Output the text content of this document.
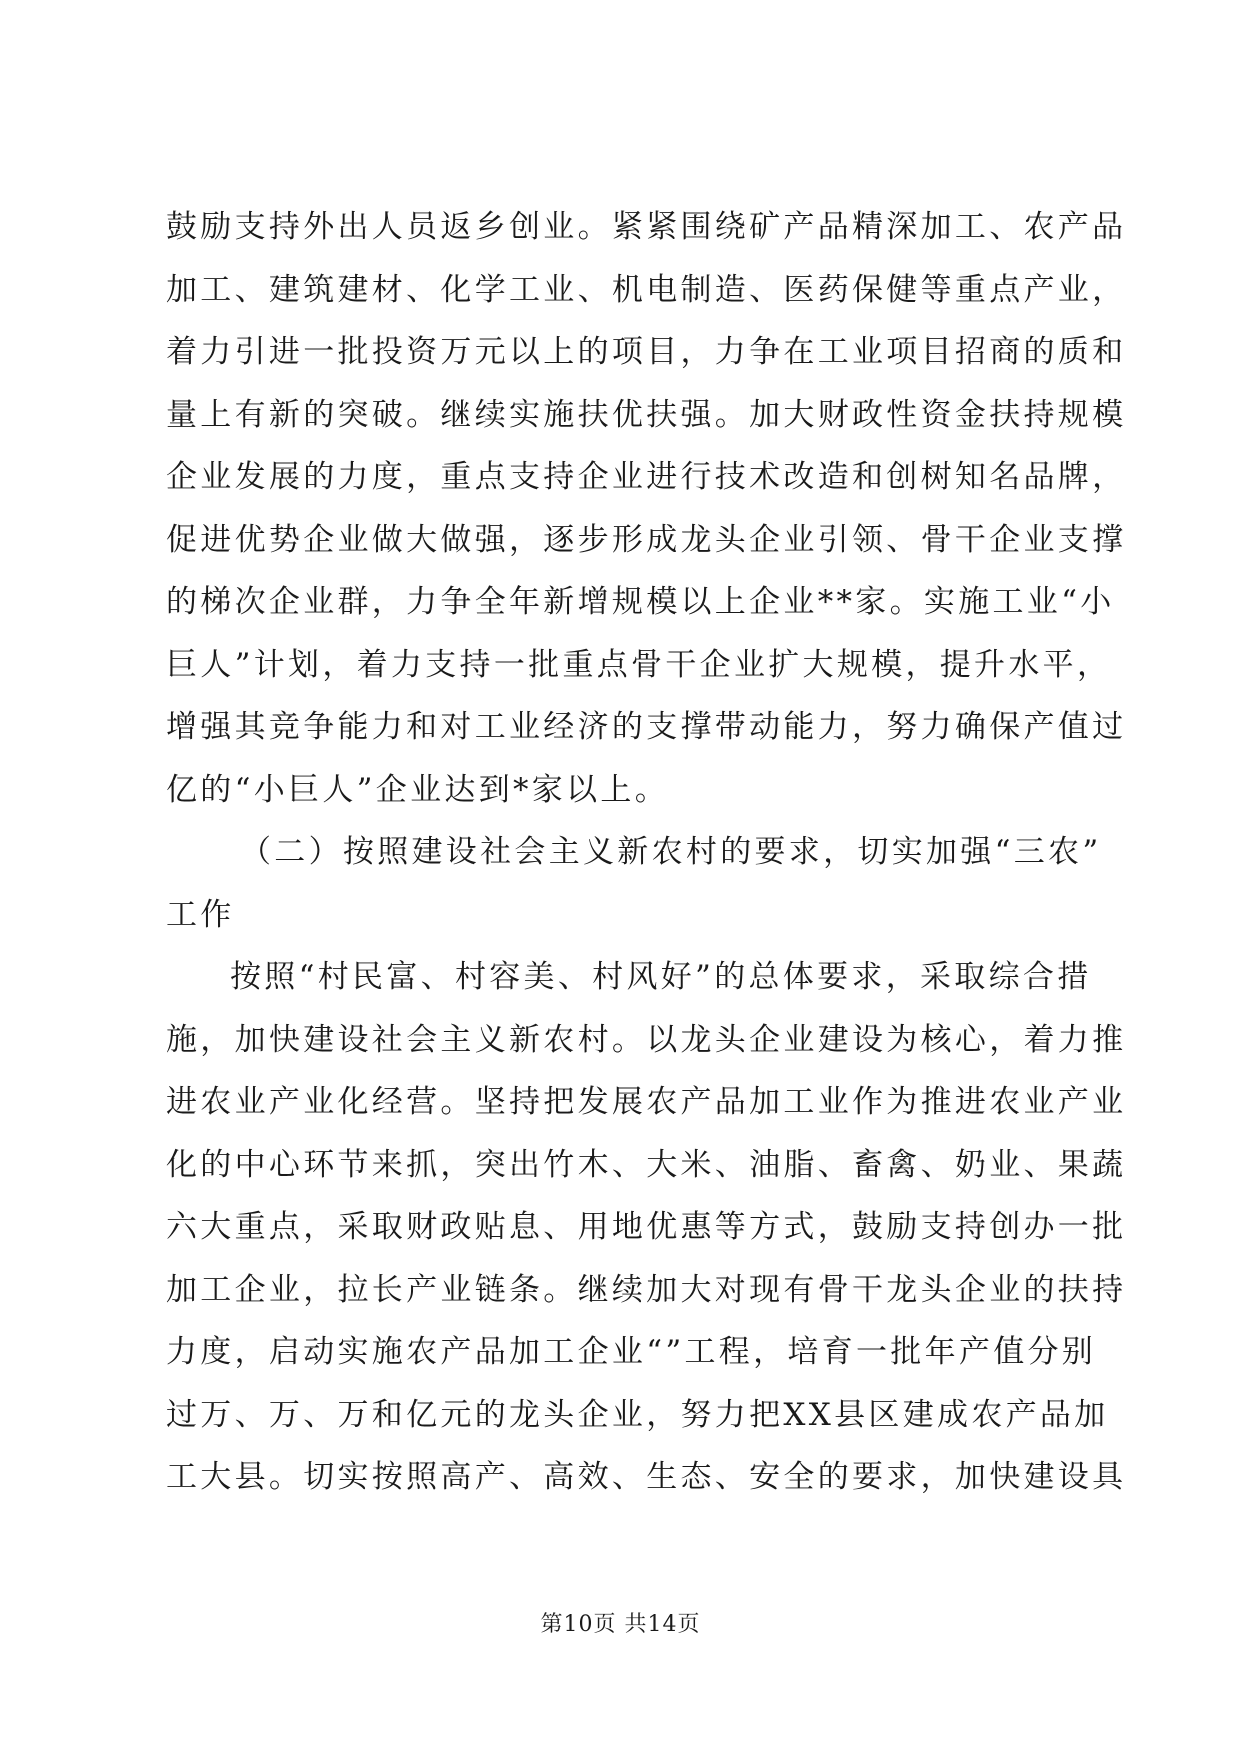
鼓励支持外出人员返乡创业。紧紧围绕矿产品精深加工、农产品
加工、建筑建材、化学工业、机电制造、医药保健等重点产业，
着力引进一批投资万元以上的项目，力争在工业项目招商的质和
量上有新的突破。继续实施扶优扶强。加大财政性资金扶持规模
企业发展的力度，重点支持企业进行技术改造和创树知名品牌，
促进优势企业做大做强，逐步形成龙头企业引领、骨干企业支撑
的梯次企业群，力争全年新增规模以上企业**家。实施工业“小
巨人”计划，着力支持一批重点骨干企业扩大规模，提升水平，
增强其竞争能力和对工业经济的支撑带动能力，努力确保产值过
亿的“小巨人”企业达到*家以上。
（二）按照建设社会主义新农村的要求，切实加强“三农”
工作
按照“村民富、村容美、村风好”的总体要求，采取综合措
施，加快建设社会主义新农村。以龙头企业建设为核心，着力推
进农业产业化经营。坚持把发展农产品加工业作为推进农业产业
化的中心环节来抓，突出竹木、大米、油脂、畜禽、奶业、果蔬
六大重点，采取财政贴息、用地优惠等方式，鼓励支持创办一批
加工企业，拉长产业链条。继续加大对现有骨干龙头企业的扶持
力度，启动实施农产品加工企业“”工程，培育一批年产值分别
过万、万、万和亿元的龙头企业，努力把XX县区建成农产品加
工大县。切实按照高产、高效、生态、安全的要求，加快建设具
第10页 共14页
